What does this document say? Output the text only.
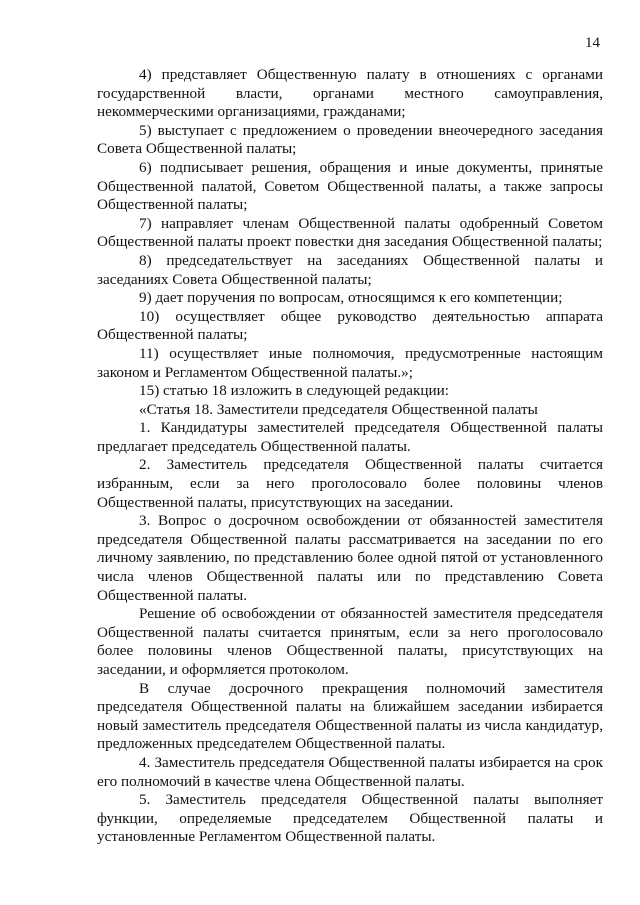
14

4) представляет Общественную палату в отношениях с органами государственной власти, органами местного самоуправления, некоммерческими организациями, гражданами;

5) выступает с предложением о проведении внеочередного заседания Совета Общественной палаты;

6) подписывает решения, обращения и иные документы, принятые Общественной палатой, Советом Общественной палаты, а также запросы Общественной палаты;

7) направляет членам Общественной палаты одобренный Советом Общественной палаты проект повестки дня заседания Общественной палаты;

8) председательствует на заседаниях Общественной палаты и заседаниях Совета Общественной палаты;

9) дает поручения по вопросам, относящимся к его компетенции;

10) осуществляет общее руководство деятельностью аппарата Общественной палаты;

11) осуществляет иные полномочия, предусмотренные настоящим законом и Регламентом Общественной палаты.»;

15) статью 18 изложить в следующей редакции:

«Статья 18. Заместители председателя Общественной палаты

1. Кандидатуры заместителей председателя Общественной палаты предлагает председатель Общественной палаты.

2. Заместитель председателя Общественной палаты считается избранным, если за него проголосовало более половины членов Общественной палаты, присутствующих на заседании.

3. Вопрос о досрочном освобождении от обязанностей заместителя председателя Общественной палаты рассматривается на заседании по его личному заявлению, по представлению более одной пятой от установленного числа членов Общественной палаты или по представлению Совета Общественной палаты.

Решение об освобождении от обязанностей заместителя председателя Общественной палаты считается принятым, если за него проголосовало более половины членов Общественной палаты, присутствующих на заседании, и оформляется протоколом.

В случае досрочного прекращения полномочий заместителя председателя Общественной палаты на ближайшем заседании избирается новый заместитель председателя Общественной палаты из числа кандидатур, предложенных председателем Общественной палаты.

4. Заместитель председателя Общественной палаты избирается на срок его полномочий в качестве члена Общественной палаты.

5. Заместитель председателя Общественной палаты выполняет функции, определяемые председателем Общественной палаты и установленные Регламентом Общественной палаты.
